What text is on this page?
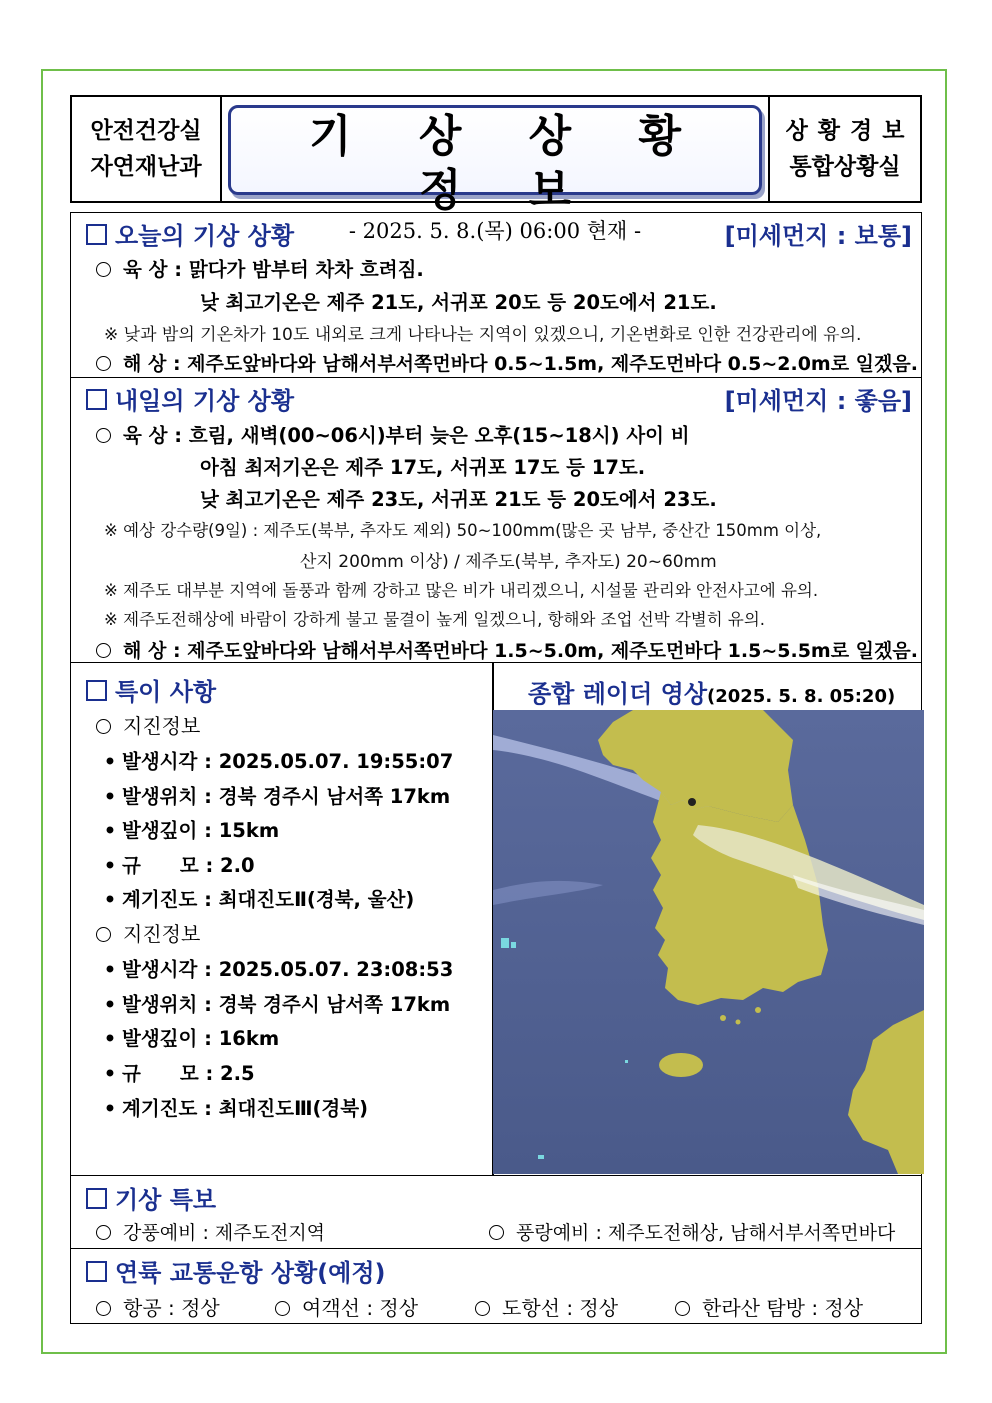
안전건강실
자연재난과
기 상 상 황 정 보
- 2025. 5. 8.(목) 06:00 현재 -
상황경보
통합상황실
오늘의 기상 상황	[미세먼지 : 보통]
육 상 : 맑다가 밤부터 차차 흐려짐.
낮 최고기온은 제주 21도, 서귀포 20도 등 20도에서 21도.
※ 낮과 밤의 기온차가 10도 내외로 크게 나타나는 지역이 있겠으니, 기온변화로 인한 건강관리에 유의.
해 상 : 제주도앞바다와 남해서부서쪽먼바다 0.5~1.5m, 제주도먼바다 0.5~2.0m로 일겠음.
내일의 기상 상황	[미세먼지 : 좋음]
육 상 : 흐림, 새벽(00~06시)부터 늦은 오후(15~18시) 사이 비
아침 최저기온은 제주 17도, 서귀포 17도 등 17도.
낮 최고기온은 제주 23도, 서귀포 21도 등 20도에서 23도.
※ 예상 강수량(9일) : 제주도(북부, 추자도 제외) 50~100mm(많은 곳 남부, 중산간 150mm 이상,
산지 200mm 이상) / 제주도(북부, 추자도) 20~60mm
※ 제주도 대부분 지역에 돌풍과 함께 강하고 많은 비가 내리겠으니, 시설물 관리와 안전사고에 유의.
※ 제주도전해상에 바람이 강하게 불고 물결이 높게 일겠으니, 항해와 조업 선박 각별히 유의.
해 상 : 제주도앞바다와 남해서부서쪽먼바다 1.5~5.0m, 제주도먼바다 1.5~5.5m로 일겠음.
특이 사항
지진정보
• 발생시각 : 2025.05.07. 19:55:07
• 발생위치 : 경북 경주시 남서쪽 17km
• 발생깊이 : 15km
• 규　　모 : 2.0
• 계기진도 : 최대진도Ⅱ(경북, 울산)
지진정보
• 발생시각 : 2025.05.07. 23:08:53
• 발생위치 : 경북 경주시 남서쪽 17km
• 발생깊이 : 16km
• 규　　모 : 2.5
• 계기진도 : 최대진도Ⅲ(경북)
종합 레이더 영상(2025. 5. 8. 05:20)
기상 특보
강풍예비 : 제주도전지역	풍랑예비 : 제주도전해상, 남해서부서쪽먼바다
연륙 교통운항 상황(예정)
항공 : 정상	여객선 : 정상	도항선 : 정상	한라산 탐방 : 정상
